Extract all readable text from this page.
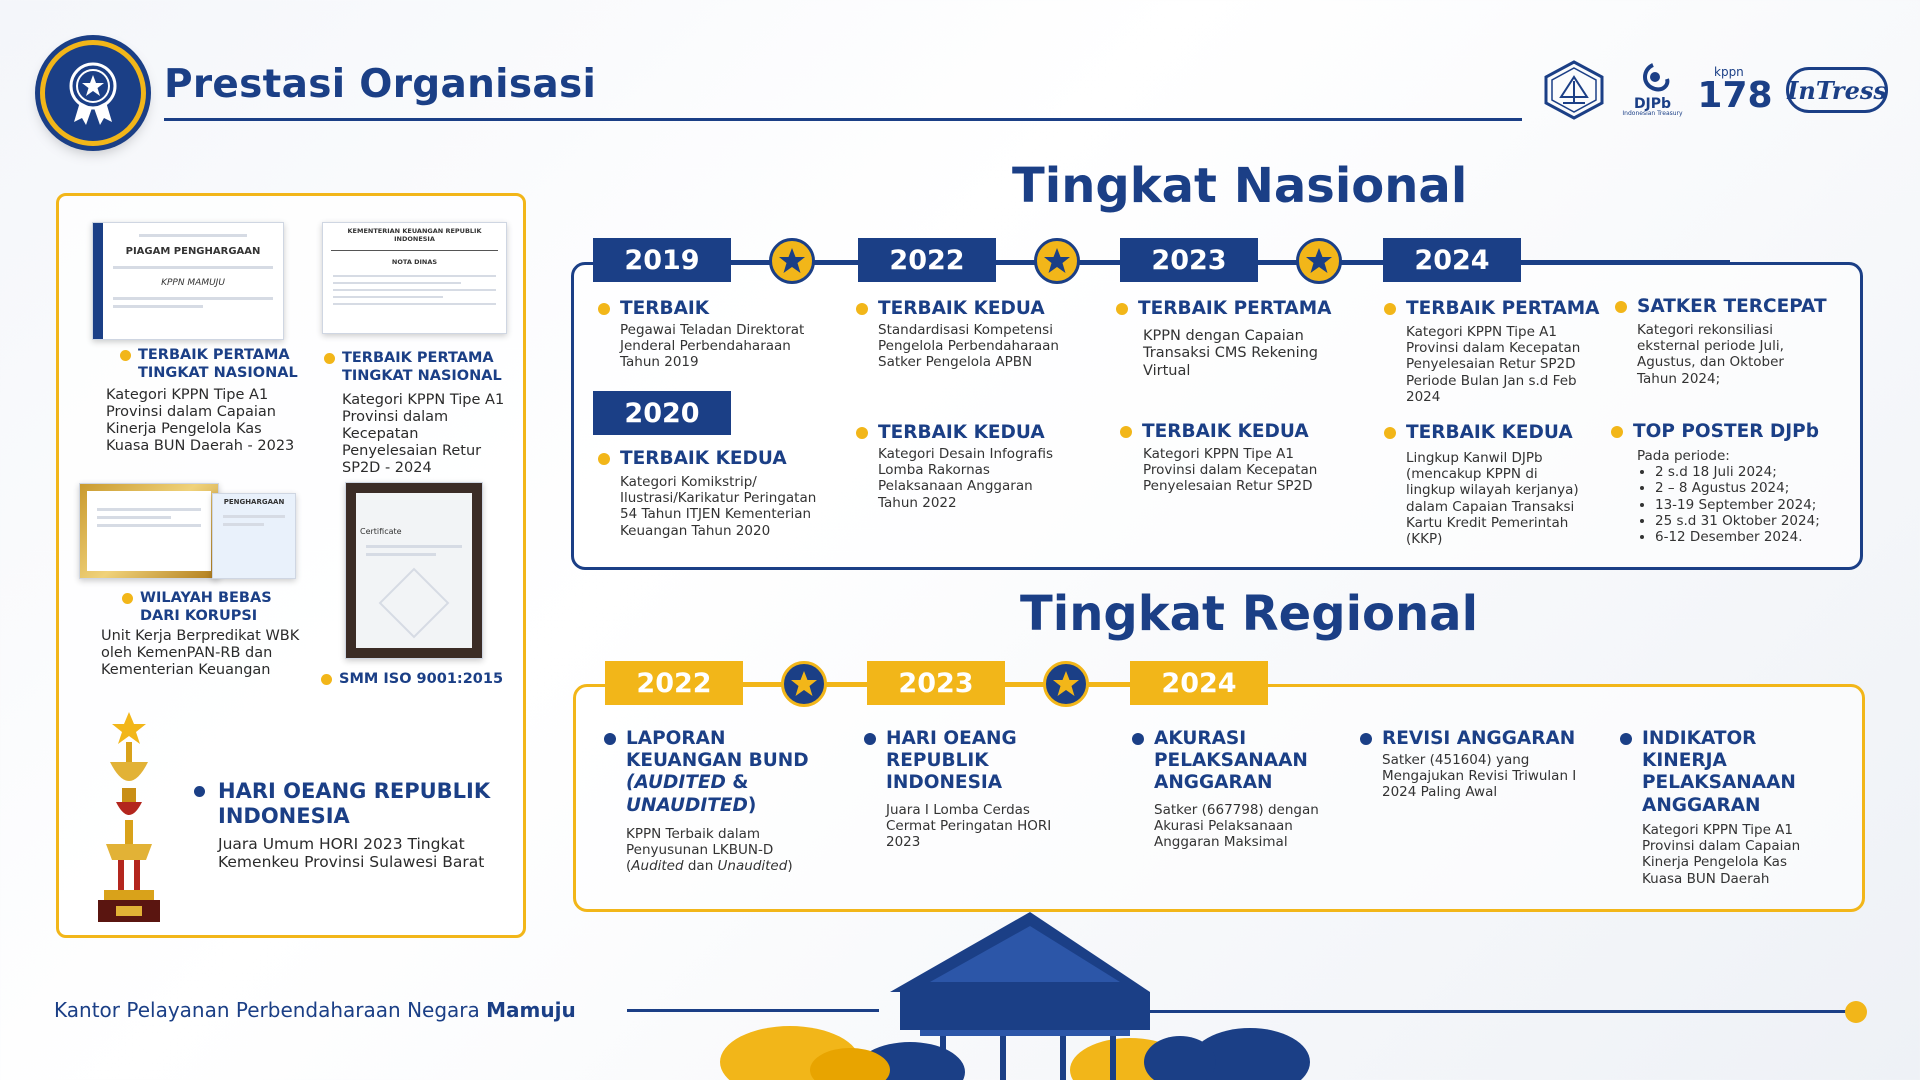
Prestasi Organisasi	DJPb
Indonesian Treasury
kppn
178 InTress
PIAGAM PENGHARGAAN
KPPN MAMUJU
KEMENTERIAN KEUANGAN REPUBLIK INDONESIA
NOTA DINAS
TERBAIK PERTAMA TINGKAT NASIONAL
Kategori KPPN Tipe A1 Provinsi dalam Capaian Kinerja Pengelola Kas Kuasa BUN Daerah - 2023
TERBAIK PERTAMA TINGKAT NASIONAL
Kategori KPPN Tipe A1 Provinsi dalam Kecepatan Penyelesaian Retur SP2D - 2024
PENGHARGAAN
Certificate
WILAYAH BEBAS DARI KORUPSI
Unit Kerja Berpredikat WBK oleh KemenPAN-RB dan Kementerian Keuangan
SMM ISO 9001:2015
HARI OEANG REPUBLIK INDONESIA
Juara Umum HORI 2023 Tingkat Kemenkeu Provinsi Sulawesi Barat
Tingkat Nasional
2019	2022	2023	2024
2020
TERBAIK
Pegawai Teladan Direktorat Jenderal Perbendaharaan Tahun 2019
TERBAIK KEDUA
Kategori Komikstrip/ Ilustrasi/Karikatur Peringatan 54 Tahun ITJEN Kementerian Keuangan Tahun 2020
TERBAIK KEDUA
Standardisasi Kompetensi Pengelola Perbendaharaan Satker Pengelola APBN
TERBAIK KEDUA
Kategori Desain Infografis Lomba Rakornas Pelaksanaan Anggaran Tahun 2022
TERBAIK PERTAMA
KPPN dengan Capaian Transaksi CMS Rekening Virtual
TERBAIK KEDUA
Kategori KPPN Tipe A1 Provinsi dalam Kecepatan Penyelesaian Retur SP2D
TERBAIK PERTAMA
Kategori KPPN Tipe A1 Provinsi dalam Kecepatan Penyelesaian Retur SP2D Periode Bulan Jan s.d Feb 2024
TERBAIK KEDUA
Lingkup Kanwil DJPb (mencakup KPPN di lingkup wilayah kerjanya) dalam Capaian Transaksi Kartu Kredit Pemerintah (KKP)
SATKER TERCEPAT
Kategori rekonsiliasi eksternal periode Juli, Agustus, dan Oktober Tahun 2024;
TOP POSTER DJPb
Pada periode:
• 2 s.d 18 Juli 2024;
• 2 – 8 Agustus 2024;
• 13-19 September 2024;
• 25 s.d 31 Oktober 2024;
• 6-12 Desember 2024.
Tingkat Regional
2022	2023	2024
LAPORAN KEUANGAN BUND (AUDITED & UNAUDITED)
KPPN Terbaik dalam Penyusunan LKBUN-D (Audited dan Unaudited)
HARI OEANG REPUBLIK INDONESIA
Juara I Lomba Cerdas Cermat Peringatan HORI 2023
AKURASI PELAKSANAAN ANGGARAN
Satker (667798) dengan Akurasi Pelaksanaan Anggaran Maksimal
REVISI ANGGARAN
Satker (451604) yang Mengajukan Revisi Triwulan I 2024 Paling Awal
INDIKATOR KINERJA PELAKSANAAN ANGGARAN
Kategori KPPN Tipe A1 Provinsi dalam Capaian Kinerja Pengelola Kas Kuasa BUN Daerah
Kantor Pelayanan Perbendaharaan Negara Mamuju
